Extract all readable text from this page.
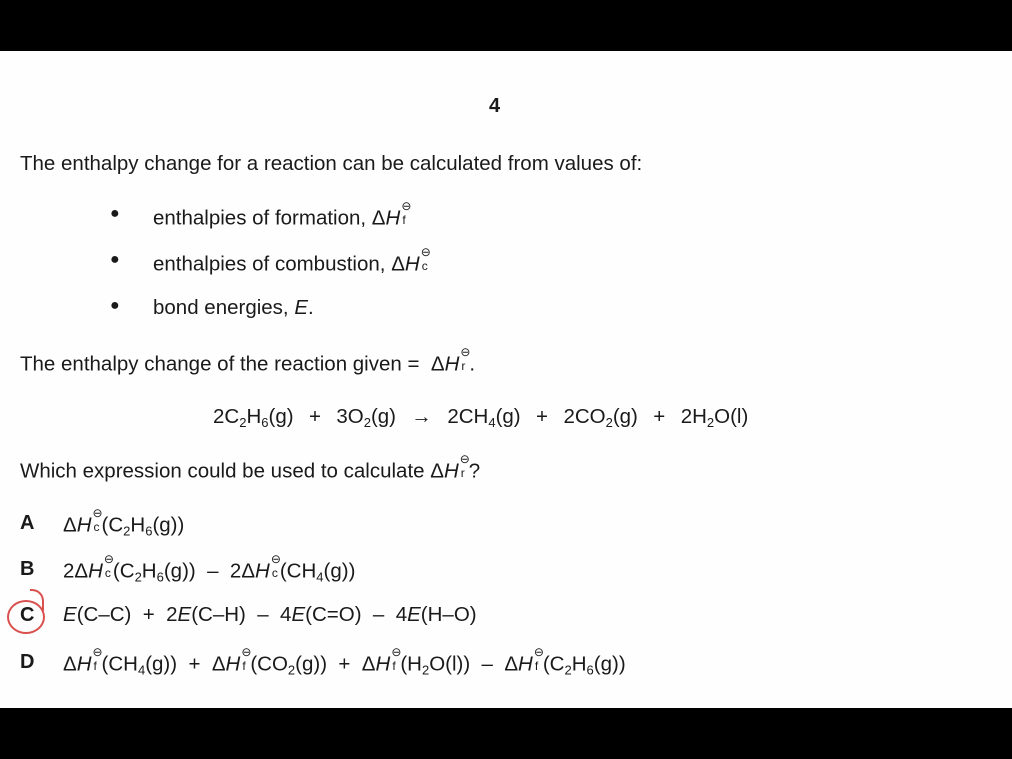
4
The enthalpy change for a reaction can be calculated from values of:
● enthalpies of formation, ΔH
⊖
f
● enthalpies of combustion, ΔH
⊖
c
● bond energies, E.
The enthalpy change of the reaction given =  ΔH
⊖
r .
$2C_2H_6(g) + 3O_2(g) \to 2CH_4(g) + 2CO_2(g) + 2H_2O(l)$
Which expression could be used to calculate ΔH
⊖
r ?
A ΔH
⊖
c $(C_2H_6(g))$
B 2ΔH
⊖
c $(C_2H_6(g)) - 2\Delta H$
⊖
c $(CH_4(g))$
C E(C–C)  +  2E(C–H)  –  4E(C=O)  –  4E(H–O)
D ΔH
⊖
f $(CH_4(g)) + \Delta H$
⊖
f $(CO_2(g)) + \Delta H$
⊖
f $(H_2O(l))$  –  ΔH
⊖
f $(C_2H_6(g))$
